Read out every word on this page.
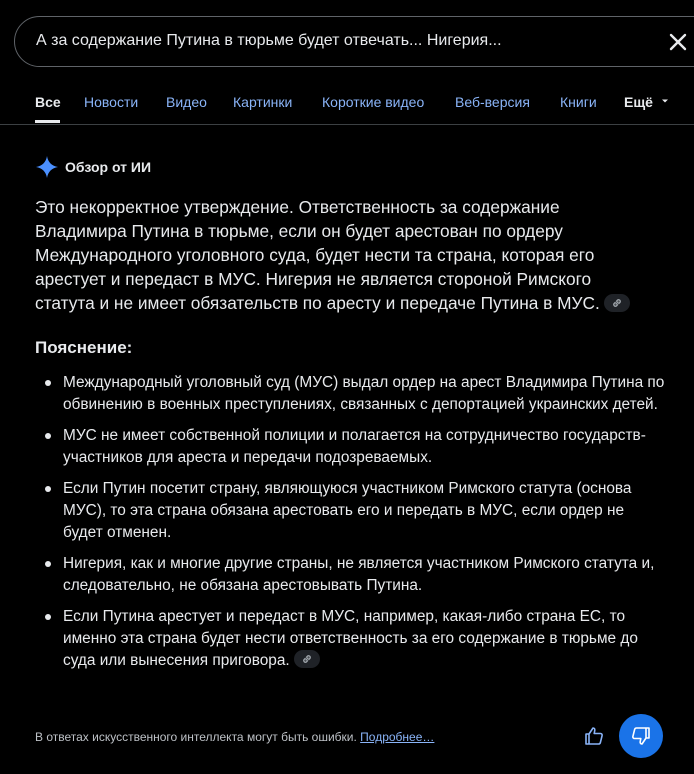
А за содержание Путина в тюрьме будет отвечать... Нигерия...
Все Новости Видео Картинки Короткие видео Веб-версия Книги Ещё
Обзор от ИИ
Это некорректное утверждение. Ответственность за содержание Владимира Путина в тюрьме, если он будет арестован по ордеру Международного уголовного суда, будет нести та страна, которая его арестует и передаст в МУС. Нигерия не является стороной Римского статута и не имеет обязательств по аресту и передаче Путина в МУС.
Пояснение:
Международный уголовный суд (МУС) выдал ордер на арест Владимира Путина по обвинению в военных преступлениях, связанных с депортацией украинских детей.
МУС не имеет собственной полиции и полагается на сотрудничество государств-участников для ареста и передачи подозреваемых.
Если Путин посетит страну, являющуюся участником Римского статута (основа МУС), то эта страна обязана арестовать его и передать в МУС, если ордер не будет отменен.
Нигерия, как и многие другие страны, не является участником Римского статута и, следовательно, не обязана арестовывать Путина.
Если Путина арестует и передаст в МУС, например, какая-либо страна ЕС, то именно эта страна будет нести ответственность за его содержание в тюрьме до суда или вынесения приговора.
В ответах искусственного интеллекта могут быть ошибки. Подробнее…
